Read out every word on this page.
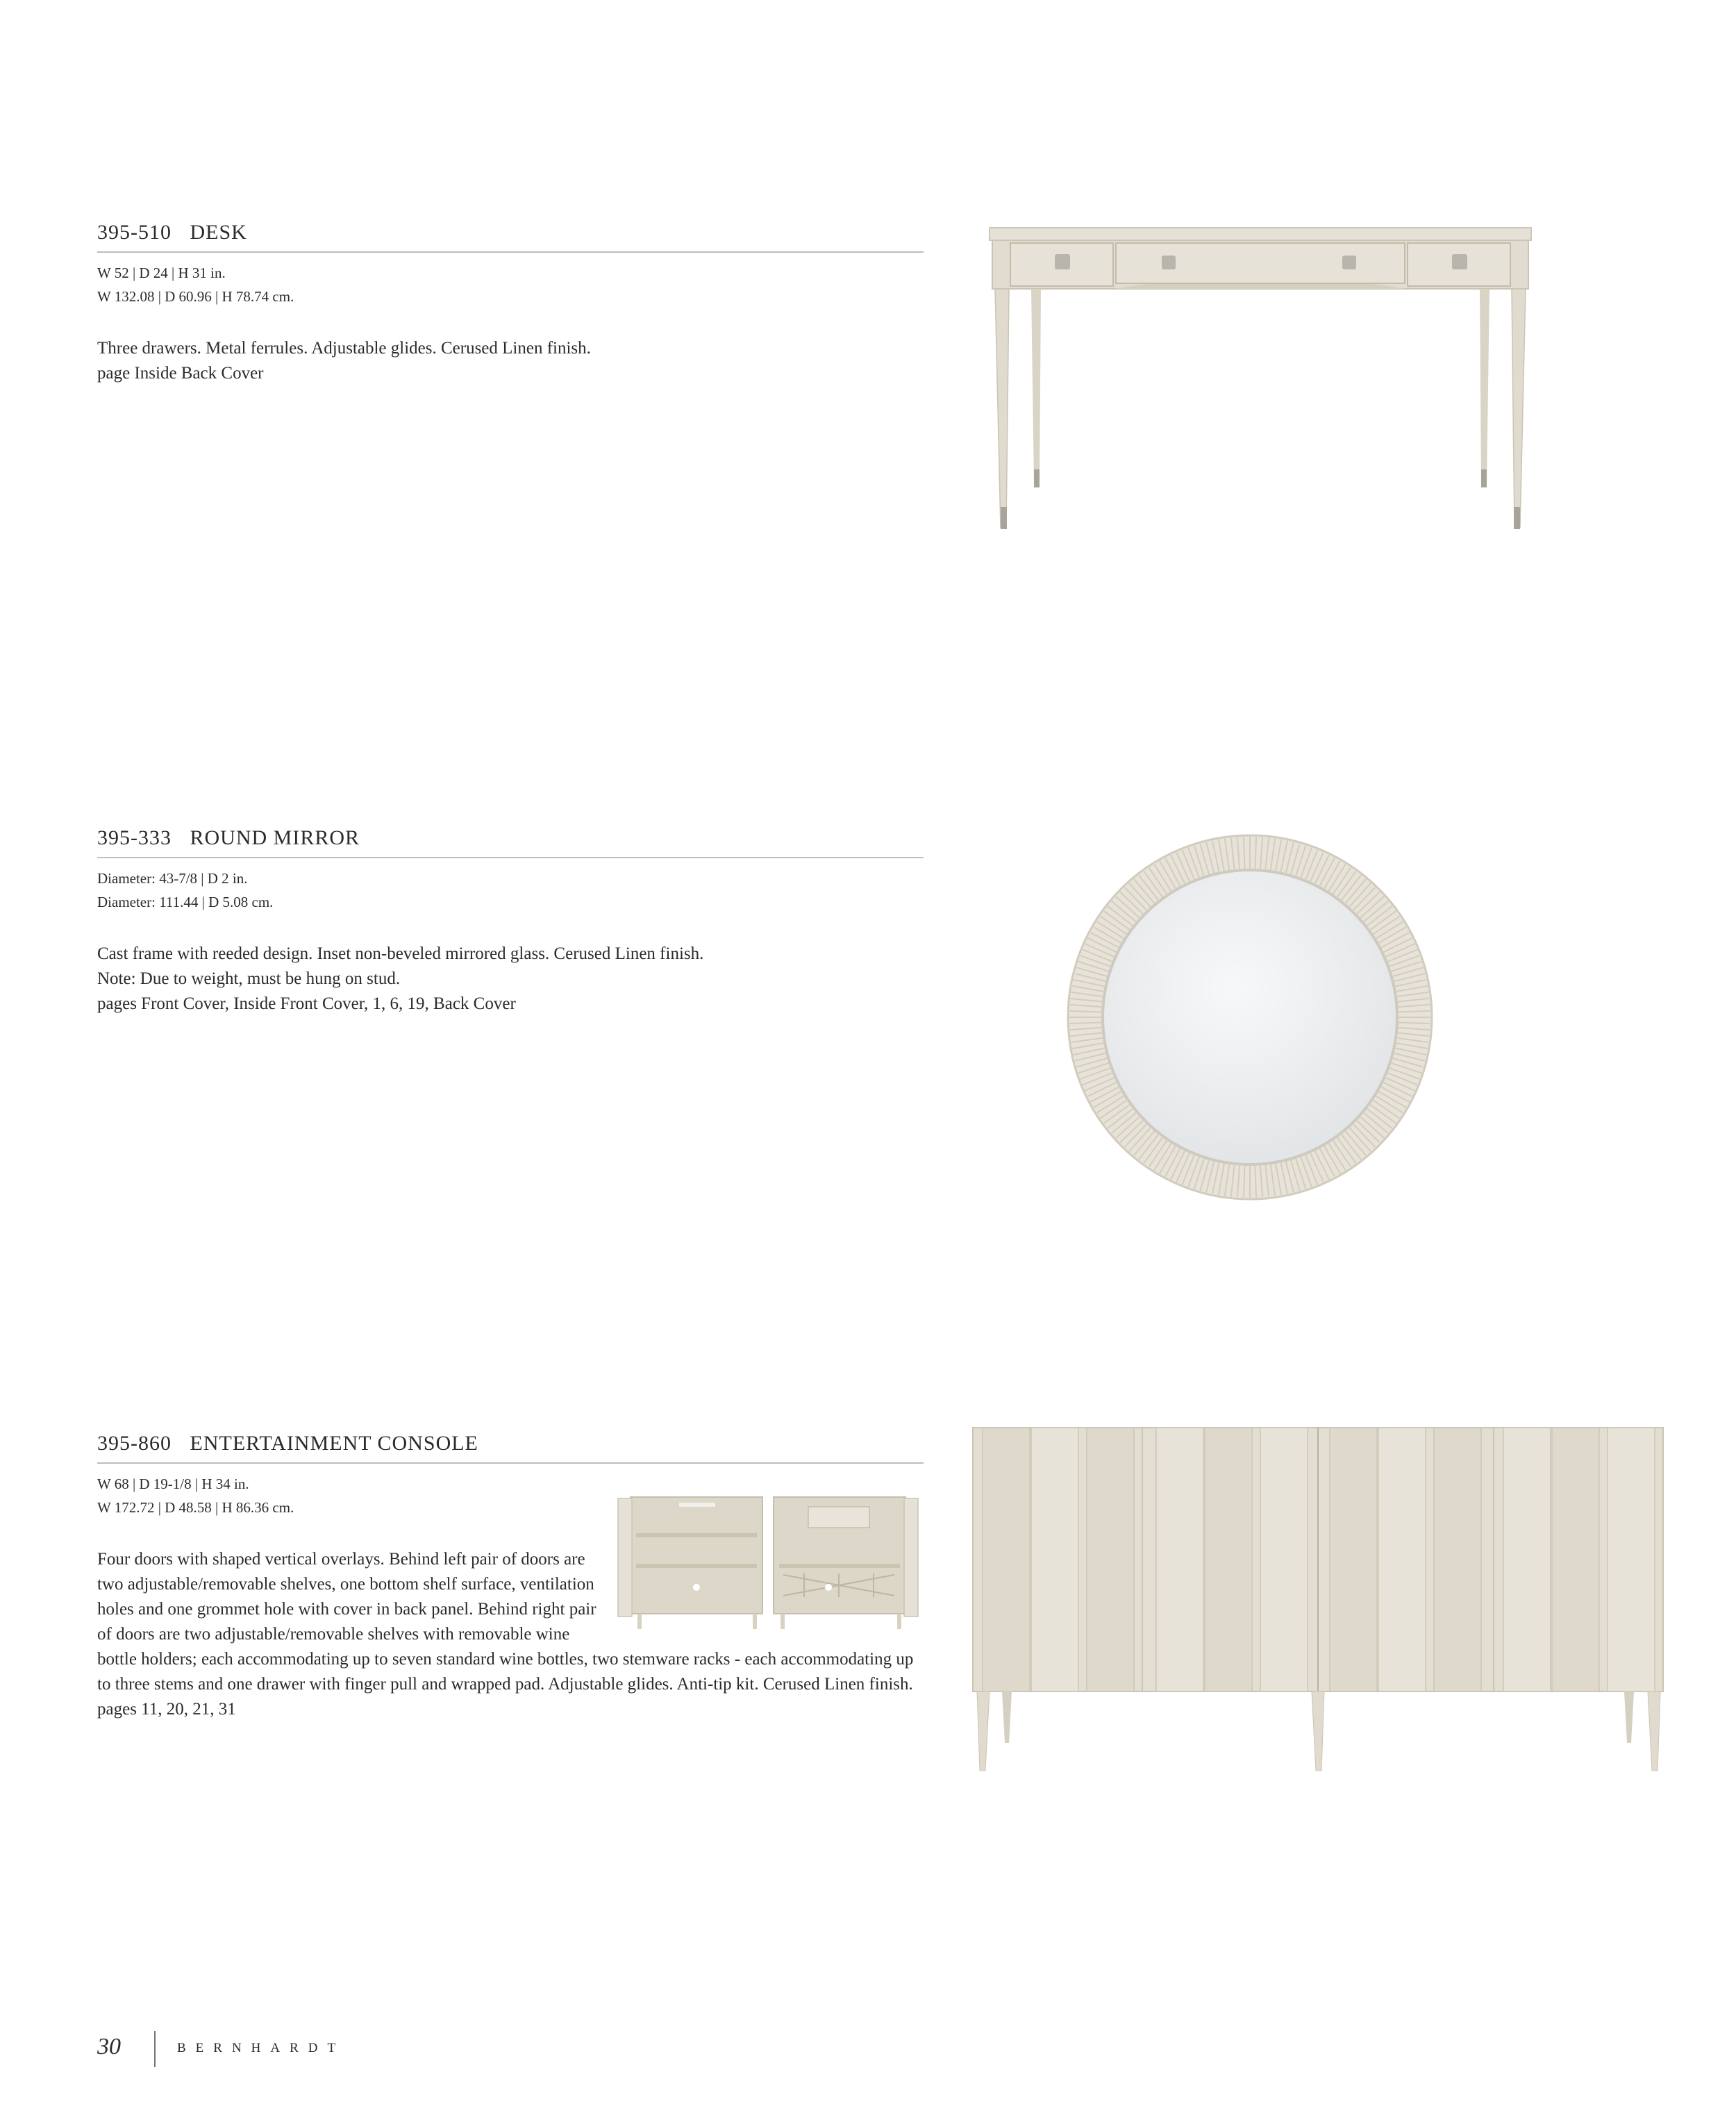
395-510 DESK
W 52 | D 24 | H 31 in.
W 132.08 | D 60.96 | H 78.74 cm.

Three drawers. Metal ferrules. Adjustable glides. Cerused Linen finish.

page Inside Back Cover

395-333 ROUND MIRROR
Diameter: 43-7/8 | D 2 in.
Diameter: 111.44 | D 5.08 cm.

Cast frame with reeded design. Inset non-beveled mirrored glass. Cerused Linen finish.

Note: Due to weight, must be hung on stud.

pages Front Cover, Inside Front Cover, 1, 6, 19, Back Cover

395-860 ENTERTAINMENT CONSOLE
W 68 | D 19-1/8 | H 34 in.
W 172.72 | D 48.58 | H 86.36 cm.

Four doors with shaped vertical overlays. Behind left pair of doors are two adjustable/removable shelves, one bottom shelf surface, ventilation holes and one grommet hole with cover in back panel. Behind right pair of doors are two adjustable/removable shelves with removable wine bottle holders; each accommodating up to seven standard wine bottles, two stemware racks - each accommodating up to three stems and one drawer with finger pull and wrapped pad. Adjustable glides. Anti-tip kit. Cerused Linen finish.

pages 11, 20, 21, 31

30	BERNHARDT
